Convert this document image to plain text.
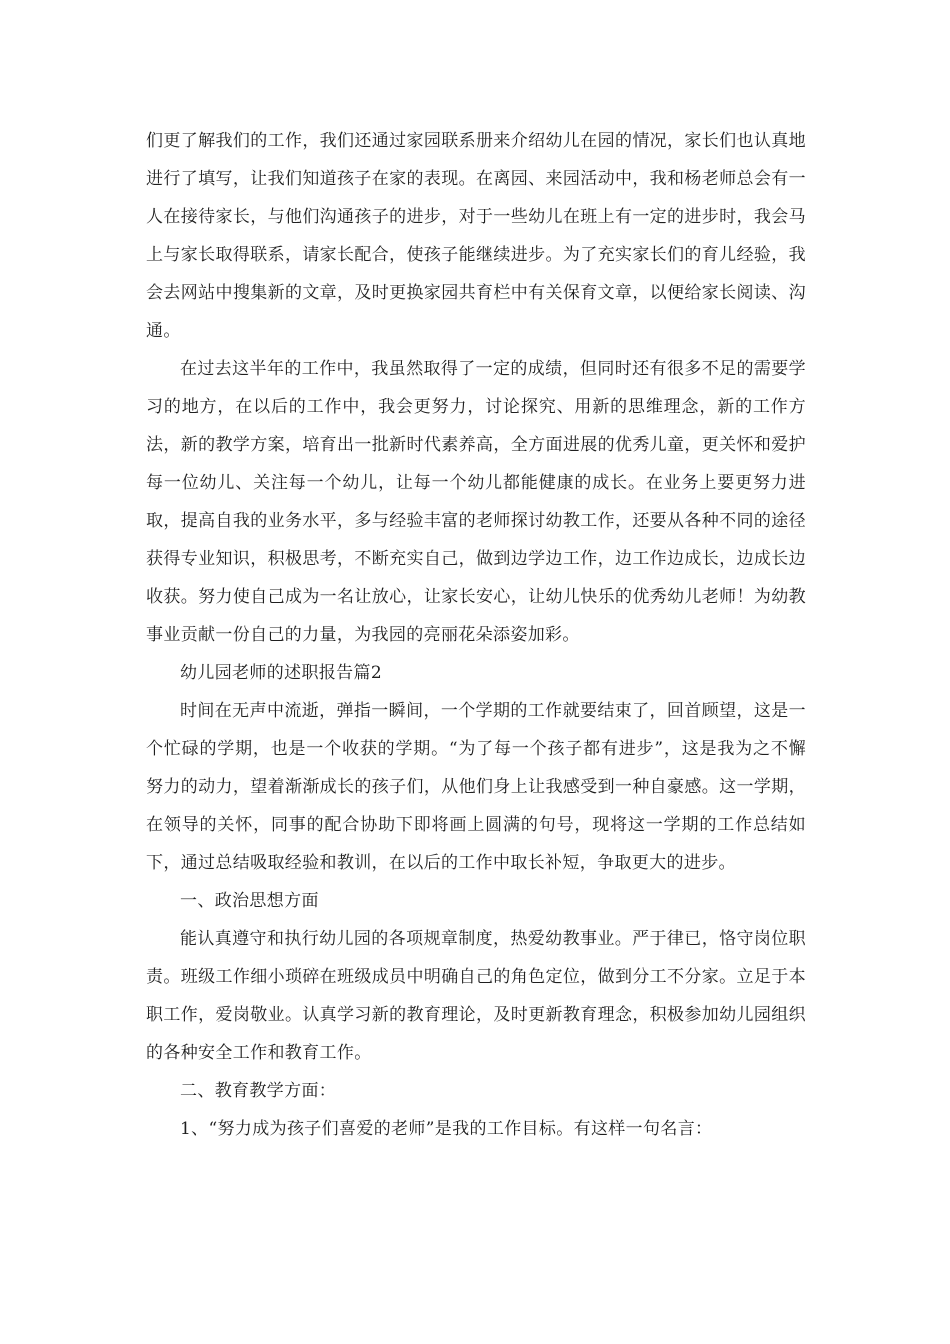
们更了解我们的工作，我们还通过家园联系册来介绍幼儿在园的情况，家长们也认真地进行了填写，让我们知道孩子在家的表现。在离园、来园活动中，我和杨老师总会有一人在接待家长，与他们沟通孩子的进步，对于一些幼儿在班上有一定的进步时，我会马上与家长取得联系，请家长配合，使孩子能继续进步。为了充实家长们的育儿经验，我会去网站中搜集新的文章，及时更换家园共育栏中有关保育文章，以便给家长阅读、沟通。

在过去这半年的工作中，我虽然取得了一定的成绩，但同时还有很多不足的需要学习的地方，在以后的工作中，我会更努力，讨论探究、用新的思维理念，新的工作方法，新的教学方案，培育出一批新时代素养高，全方面进展的优秀儿童，更关怀和爱护每一位幼儿、关注每一个幼儿，让每一个幼儿都能健康的成长。在业务上要更努力进取，提高自我的业务水平，多与经验丰富的老师探讨幼教工作，还要从各种不同的途径获得专业知识，积极思考，不断充实自己，做到边学边工作，边工作边成长，边成长边收获。努力使自己成为一名让放心，让家长安心，让幼儿快乐的优秀幼儿老师！为幼教事业贡献一份自己的力量，为我园的亮丽花朵添姿加彩。

幼儿园老师的述职报告篇2

时间在无声中流逝，弹指一瞬间，一个学期的工作就要结束了，回首顾望，这是一个忙碌的学期，也是一个收获的学期。“为了每一个孩子都有进步”，这是我为之不懈努力的动力，望着渐渐成长的孩子们，从他们身上让我感受到一种自豪感。这一学期，在领导的关怀，同事的配合协助下即将画上圆满的句号，现将这一学期的工作总结如下，通过总结吸取经验和教训，在以后的工作中取长补短，争取更大的进步。

一、政治思想方面

能认真遵守和执行幼儿园的各项规章制度，热爱幼教事业。严于律已，恪守岗位职责。班级工作细小琐碎在班级成员中明确自己的角色定位，做到分工不分家。立足于本职工作，爱岗敬业。认真学习新的教育理论，及时更新教育理念，积极参加幼儿园组织的各种安全工作和教育工作。

二、教育教学方面：

1、“努力成为孩子们喜爱的老师”是我的工作目标。有这样一句名言：
